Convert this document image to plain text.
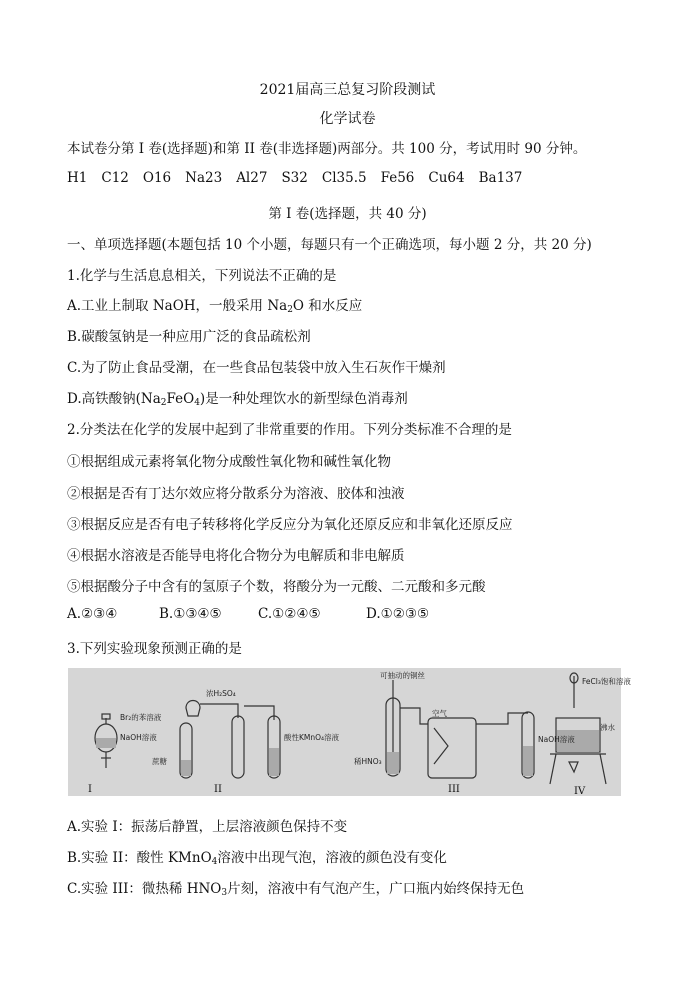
2021届高三总复习阶段测试
化学试卷
本试卷分第 I 卷(选择题)和第 II 卷(非选择题)两部分。共 100 分，考试用时 90 分钟。
H1 C12 O16 Na23 Al27 S32 Cl35.5 Fe56 Cu64 Ba137
第 I 卷(选择题，共 40 分)
一、单项选择题(本题包括 10 个小题，每题只有一个正确选项，每小题 2 分，共 20 分)
1.化学与生活息息相关，下列说法不正确的是
A.工业上制取 NaOH，一般采用 $Na_2O$ 和水反应
B.碳酸氢钠是一种应用广泛的食品疏松剂
C.为了防止食品受潮，在一些食品包装袋中放入生石灰作干燥剂
D.高铁酸钠$(Na_2FeO_4)$是一种处理饮水的新型绿色消毒剂
2.分类法在化学的发展中起到了非常重要的作用。下列分类标准不合理的是
①根据组成元素将氧化物分成酸性氧化物和碱性氧化物
②根据是否有丁达尔效应将分散系分为溶液、胶体和浊液
③根据反应是否有电子转移将化学反应分为氧化还原反应和非氧化还原反应
④根据水溶液是否能导电将化合物分为电解质和非电解质
⑤根据酸分子中含有的氢原子个数，将酸分为一元酸、二元酸和多元酸
A.②③④	B.①③④⑤	C.①②④⑤	D.①②③⑤
3.下列实验现象预测正确的是
Br₂的苯溶液
NaOH溶液
浓H₂SO₄
蔗糖
酸性KMnO₄溶液
可抽动的铜丝
稀HNO₃
空气
NaOH溶液
FeCl₃饱和溶液
沸水
I	II	III	IV
A.实验 I：振荡后静置，上层溶液颜色保持不变
B.实验 II：酸性 KMnO$_4$溶液中出现气泡，溶液的颜色没有变化
C.实验 III：微热稀 $HNO_3$片刻，溶液中有气泡产生，广口瓶内始终保持无色
